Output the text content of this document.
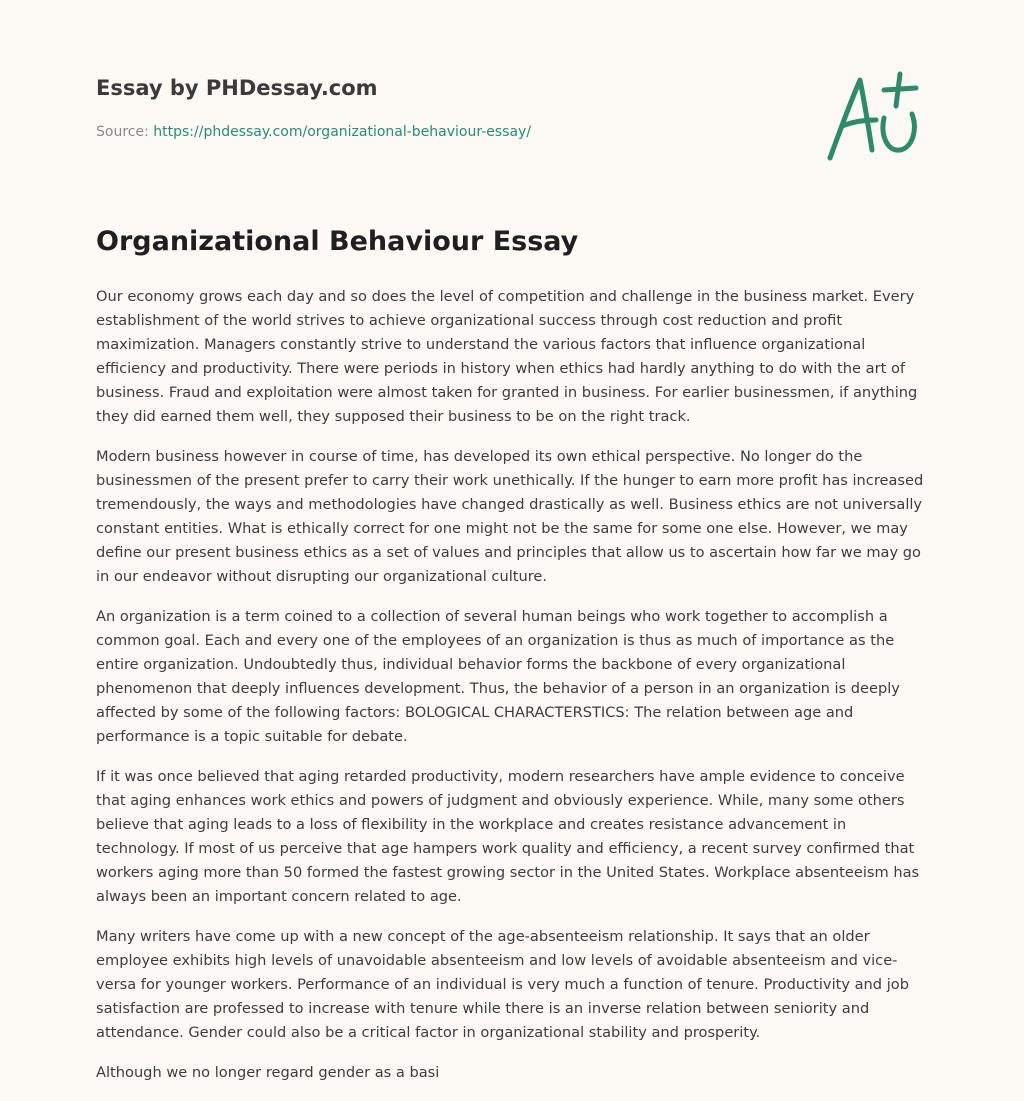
Essay by PHDessay.com
Source: https://phdessay.com/organizational-behaviour-essay/
Organizational Behaviour Essay

Our economy grows each day and so does the level of competition and challenge in the business market. Every establishment of the world strives to achieve organizational success through cost reduction and profit maximization. Managers constantly strive to understand the various factors that influence organizational efficiency and productivity. There were periods in history when ethics had hardly anything to do with the art of business. Fraud and exploitation were almost taken for granted in business. For earlier businessmen, if anything they did earned them well, they supposed their business to be on the right track.

Modern business however in course of time, has developed its own ethical perspective. No longer do the businessmen of the present prefer to carry their work unethically. If the hunger to earn more profit has increased tremendously, the ways and methodologies have changed drastically as well. Business ethics are not universally constant entities. What is ethically correct for one might not be the same for some one else. However, we may define our present business ethics as a set of values and principles that allow us to ascertain how far we may go in our endeavor without disrupting our organizational culture.

An organization is a term coined to a collection of several human beings who work together to accomplish a common goal. Each and every one of the employees of an organization is thus as much of importance as the entire organization. Undoubtedly thus, individual behavior forms the backbone of every organizational phenomenon that deeply influences development. Thus, the behavior of a person in an organization is deeply affected by some of the following factors: BOLOGICAL CHARACTERSTICS: The relation between age and performance is a topic suitable for debate.

If it was once believed that aging retarded productivity, modern researchers have ample evidence to conceive that aging enhances work ethics and powers of judgment and obviously experience. While, many some others believe that aging leads to a loss of flexibility in the workplace and creates resistance advancement in technology. If most of us perceive that age hampers work quality and efficiency, a recent survey confirmed that workers aging more than 50 formed the fastest growing sector in the United States. Workplace absenteeism has always been an important concern related to age.

Many writers have come up with a new concept of the age-absenteeism relationship. It says that an older employee exhibits high levels of unavoidable absenteeism and low levels of avoidable absenteeism and vice-versa for younger workers. Performance of an individual is very much a function of tenure. Productivity and job satisfaction are professed to increase with tenure while there is an inverse relation between seniority and attendance. Gender could also be a critical factor in organizational stability and prosperity.

Although we no longer regard gender as a basi
